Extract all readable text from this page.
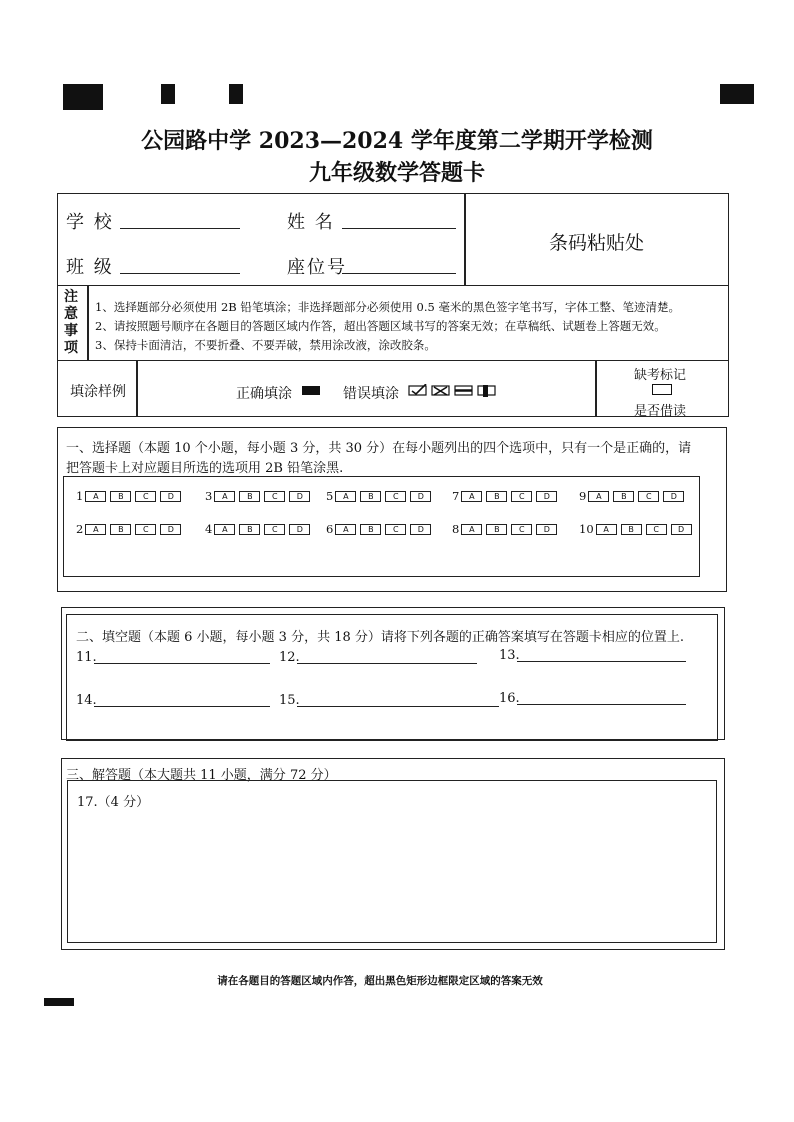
公园路中学 2023—2024 学年度第二学期开学检测
九年级数学答题卡
学 校	姓 名
班 级	座位号
条码粘贴处
注意事项
1、选择题部分必须使用 2B 铅笔填涂；非选择题部分必须使用 0.5 毫米的黑色签字笔书写，字体工整、笔迹清楚。
2、请按照题号顺序在各题目的答题区域内作答，超出答题区域书写的答案无效；在草稿纸、试题卷上答题无效。
3、保持卡面清洁，不要折叠、不要弄破，禁用涂改液，涂改胶条。
填涂样例	正确填涂	错误填涂
缺考标记
是否借读
一、选择题（本题 10 个小题，每小题 3 分，共 30 分）在每小题列出的四个选项中，只有一个是正确的，请
把答题卡上对应题目所选的选项用 2B 铅笔涂黑.
1	A	B	C	D	3	A	B	C	D	5	A	B	C	D	7	A	B	C	D	9	A	B	C	D
2	A	B	C	D	4	A	B	C	D	6	A	B	C	D	8	A	B	C	D	10	A	B	C	D
二、填空题（本题 6 小题，每小题 3 分，共 18 分）请将下列各题的正确答案填写在答题卡相应的位置上.
11.	12.	13.
14.	15.	16.
三、解答题（本大题共 11 小题，满分 72 分）
17.（4 分）
请在各题目的答题区域内作答，超出黑色矩形边框限定区域的答案无效
